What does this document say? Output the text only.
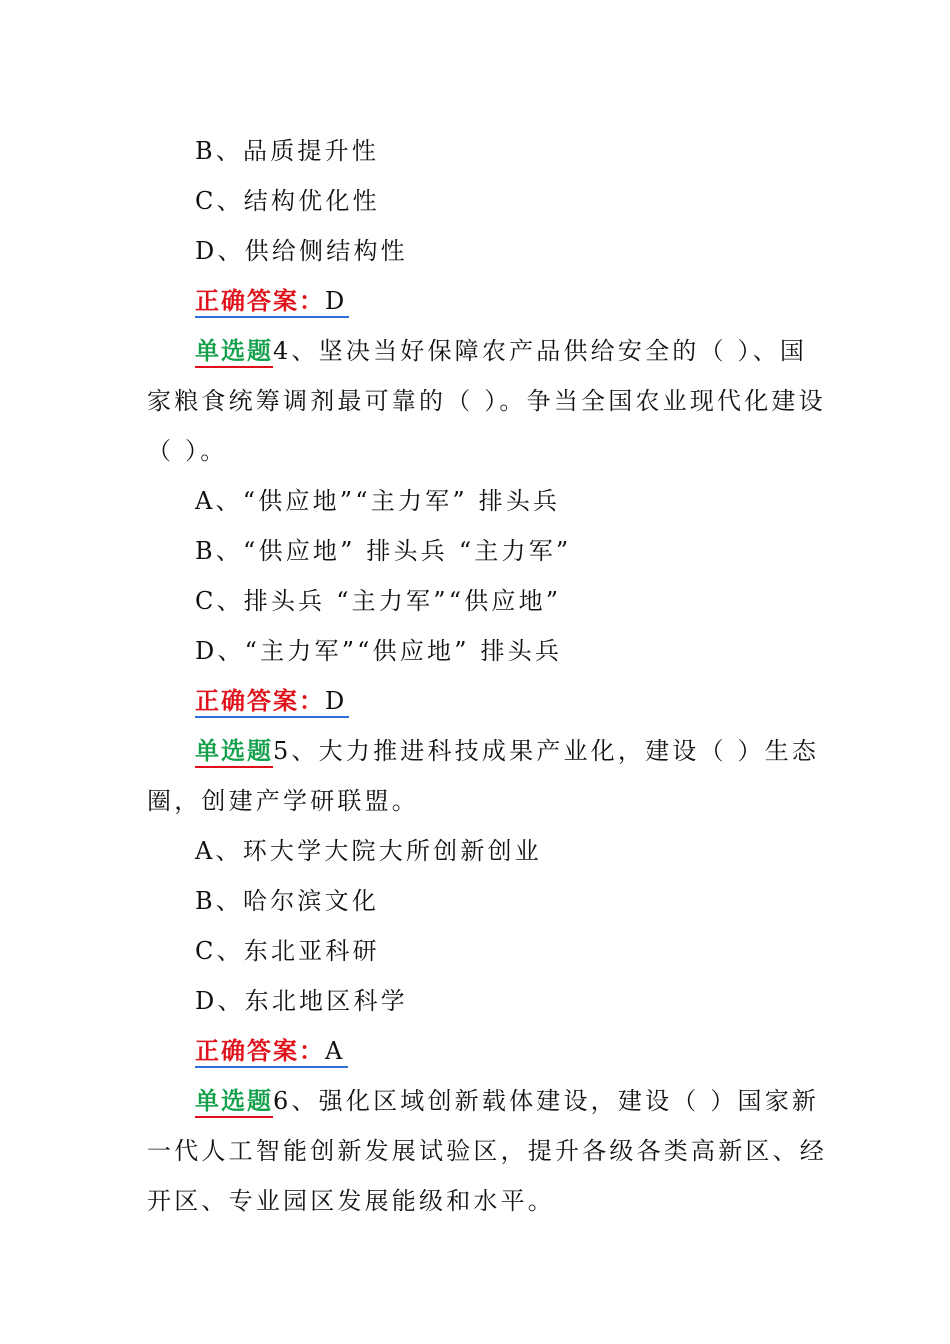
B、品质提升性
C、结构优化性
D、供给侧结构性
正确答案：D
单选题4、坚决当好保障农产品供给安全的（ ）、国
家粮食统筹调剂最可靠的（ ）。争当全国农业现代化建设
（ ）。
A、“供应地”“主力军” 排头兵
B、“供应地” 排头兵 “主力军”
C、排头兵 “主力军”“供应地”
D、“主力军”“供应地” 排头兵
正确答案：D
单选题5、大力推进科技成果产业化，建设（ ）生态
圈，创建产学研联盟。
A、环大学大院大所创新创业
B、哈尔滨文化
C、东北亚科研
D、东北地区科学
正确答案：A
单选题6、强化区域创新载体建设，建设（ ）国家新
一代人工智能创新发展试验区，提升各级各类高新区、经
开区、专业园区发展能级和水平。
